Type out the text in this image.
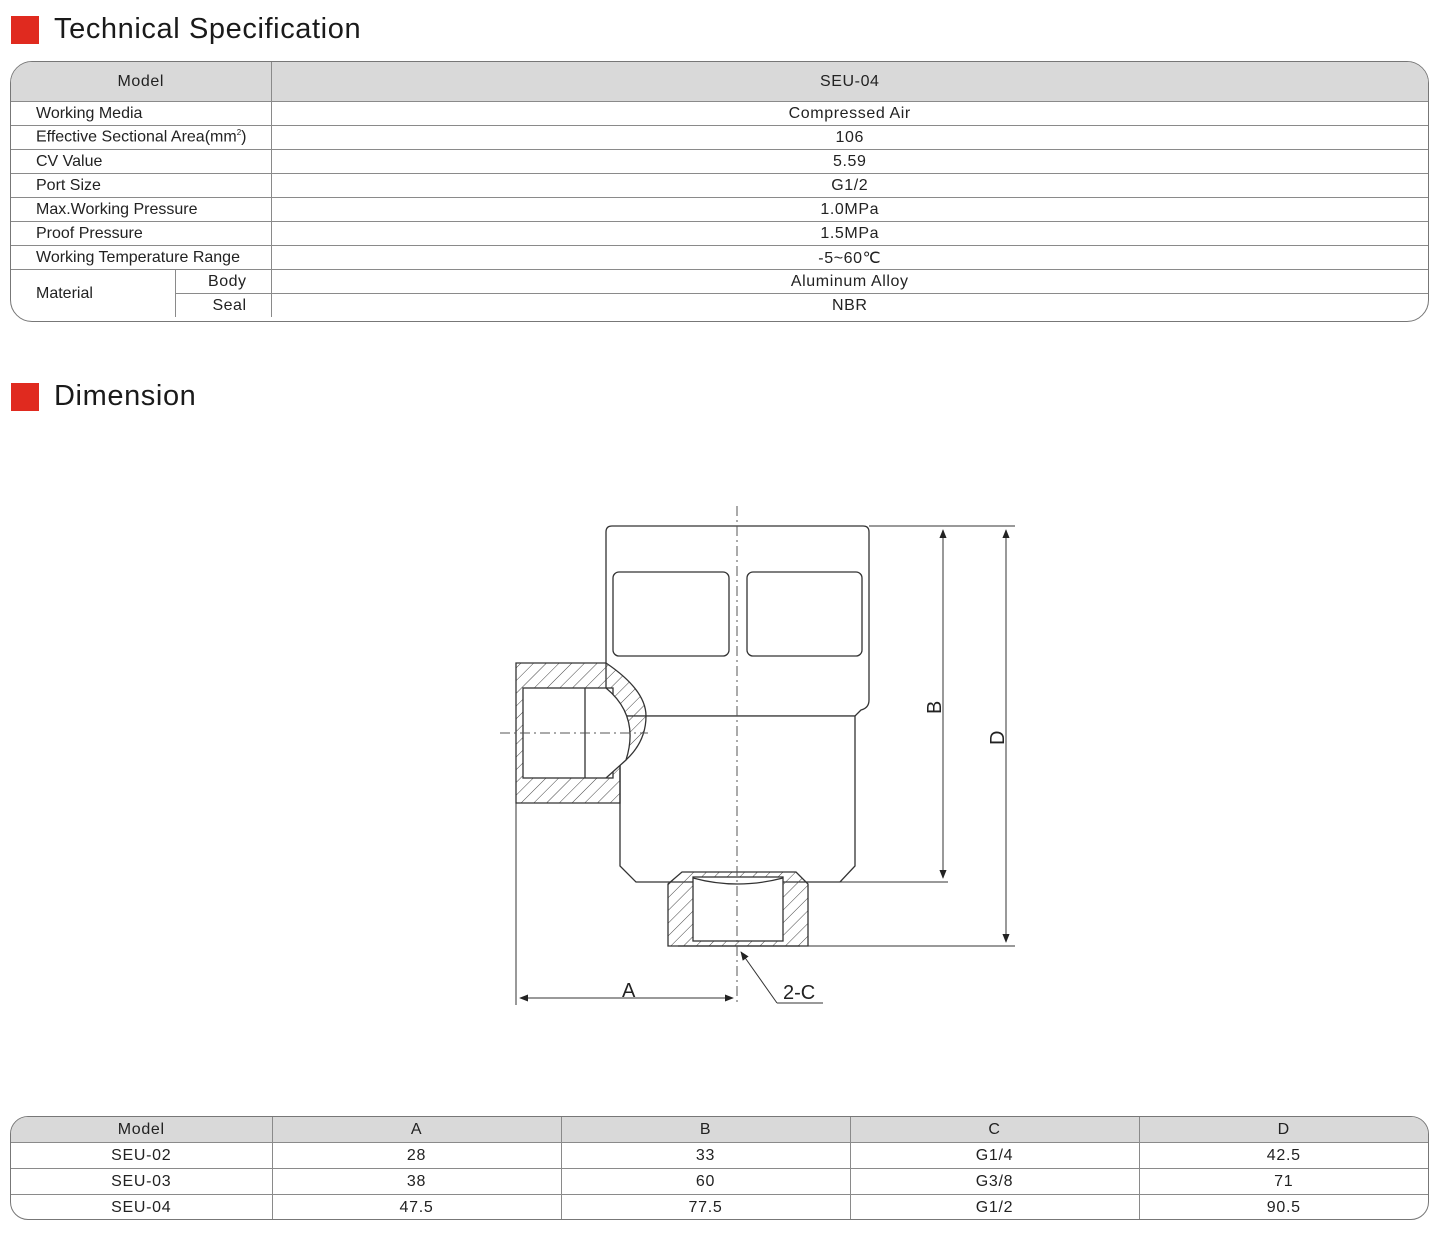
Technical Specification
Model		SEU-04
Working Media		Compressed Air
Effective Sectional $Area(mm^2)$		106
CV Value		5.59
Port Size		G1/2
Max.Working Pressure		1.0MPa
Proof Pressure		1.5MPa
Working Temperature Range		-5~60℃
Material	Body	Aluminum Alloy
	Seal	NBR
Dimension
A	2-C
B
D
Model	A	B	C	D
SEU-02	28	33	G1/4	42.5
SEU-03	38	60	G3/8	71
SEU-04	47.5	77.5	G1/2	90.5
